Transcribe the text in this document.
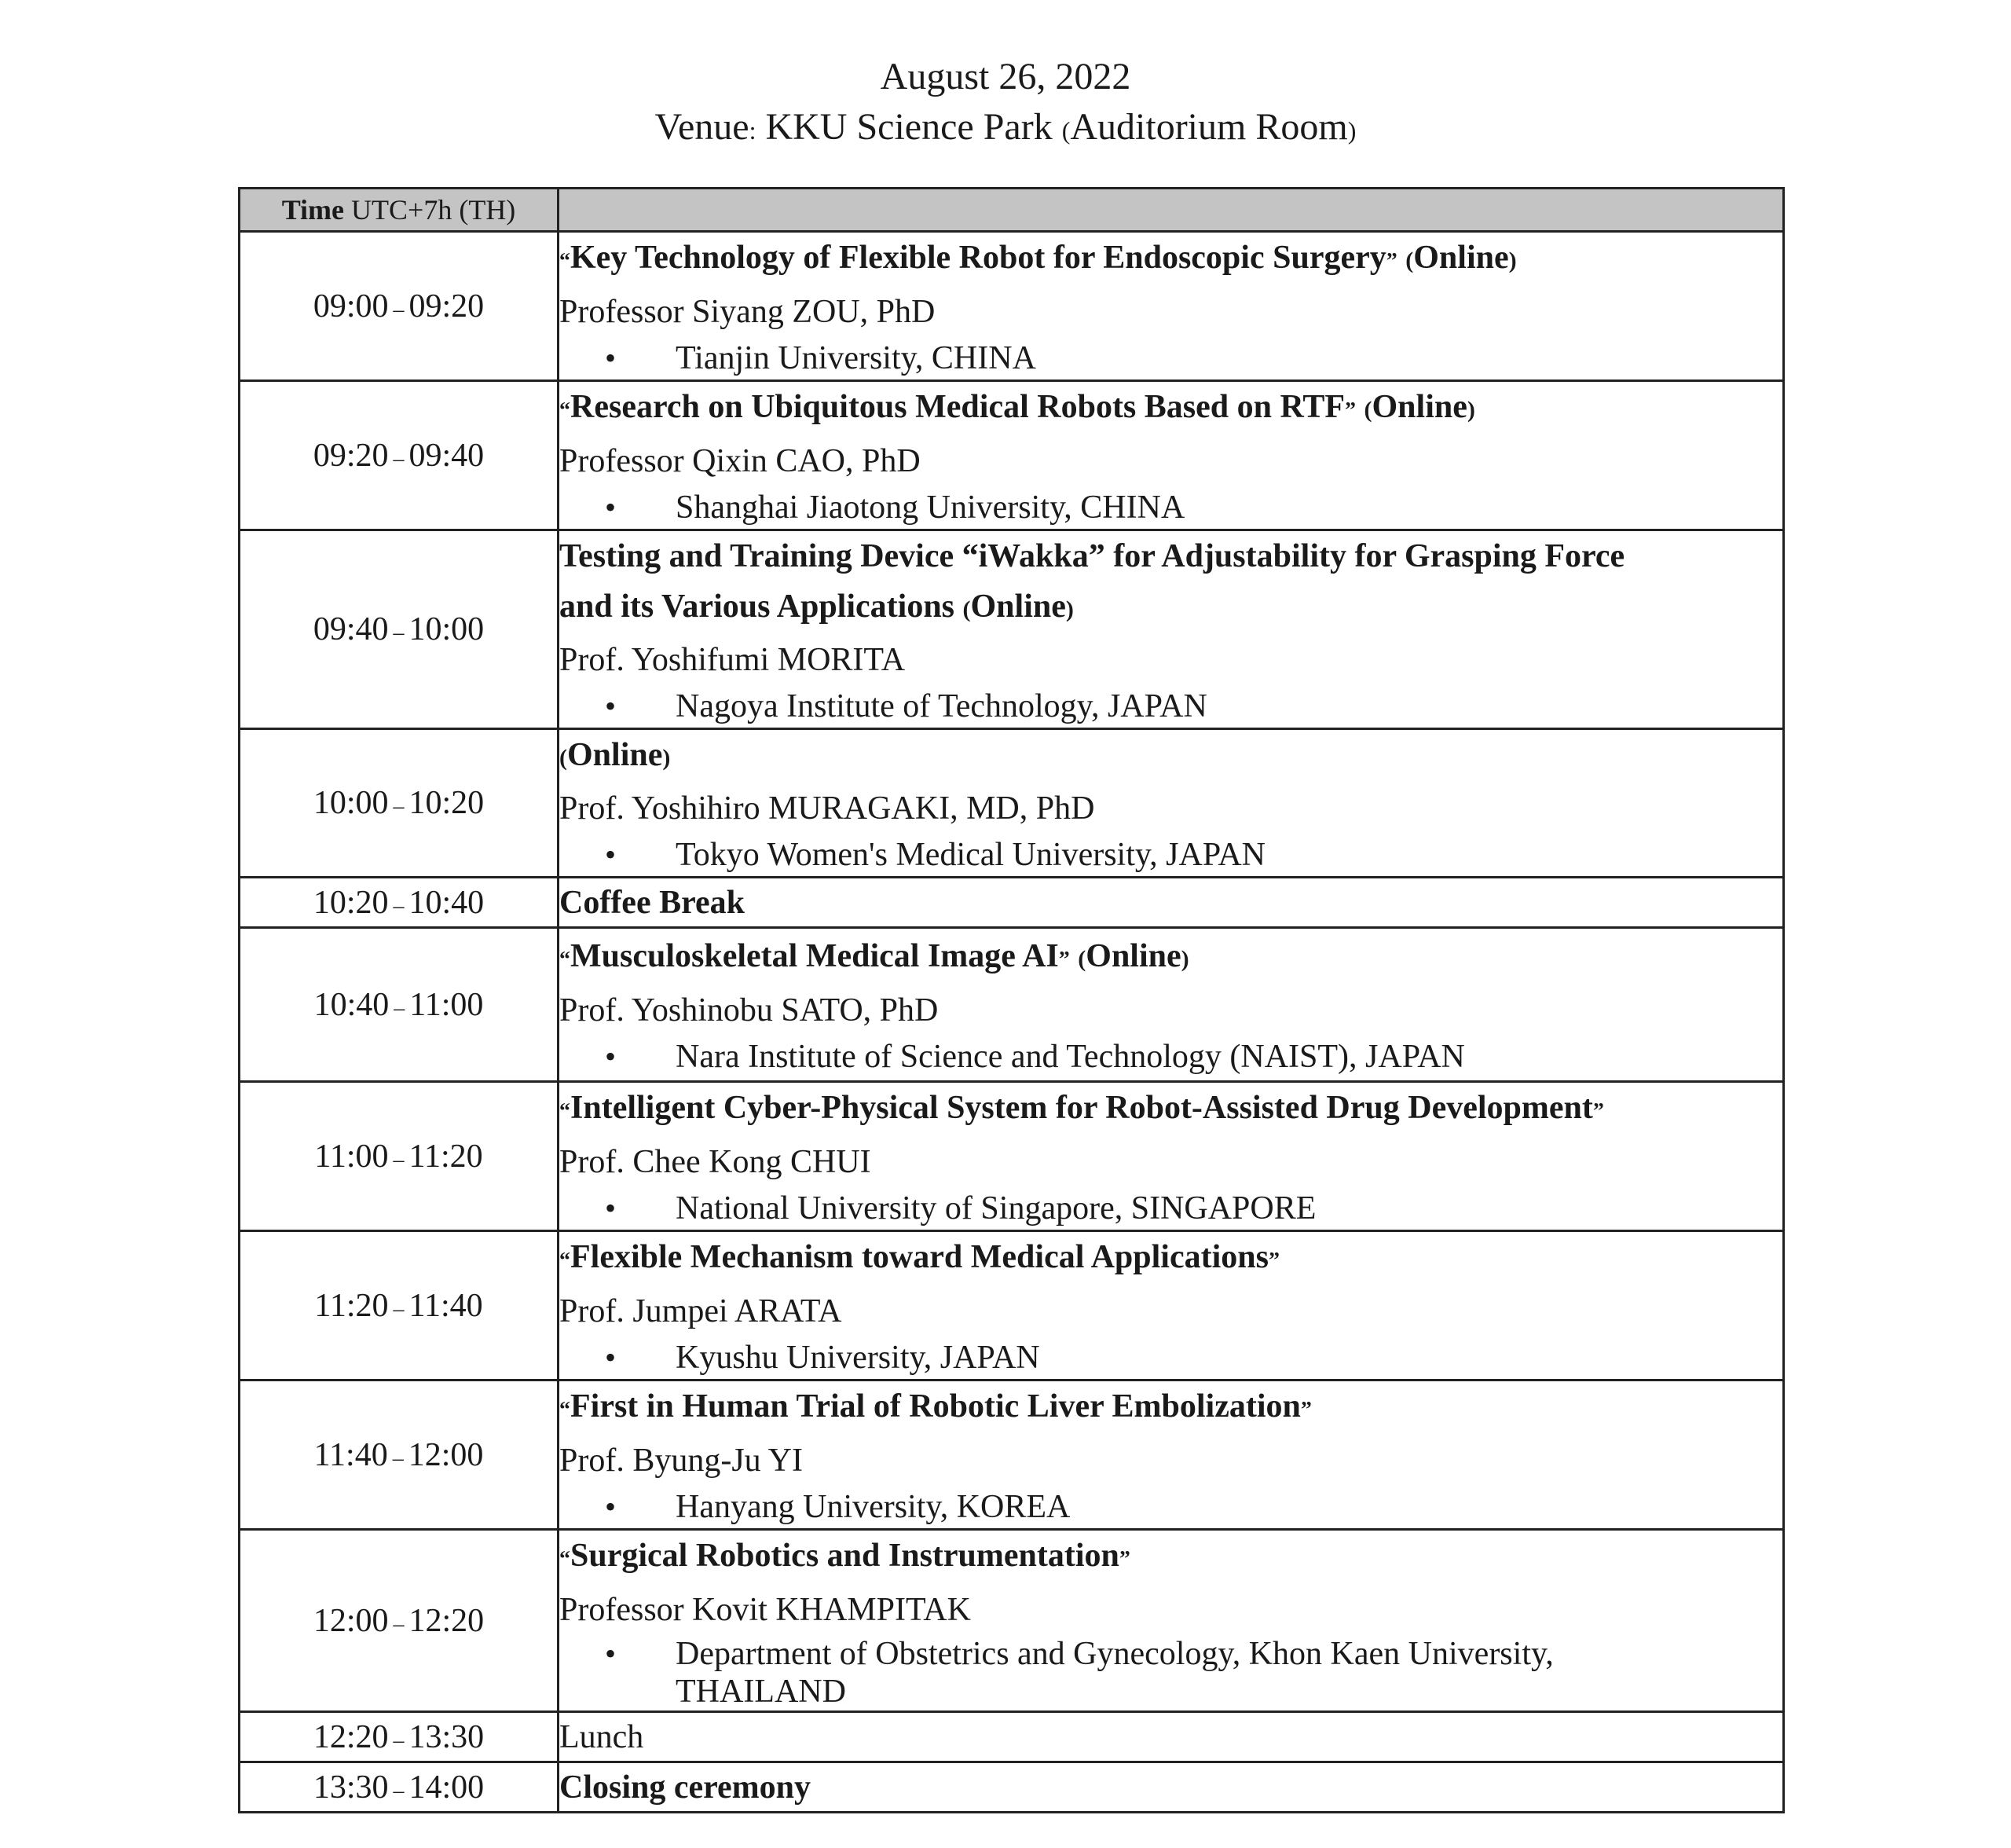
August 26, 2022
Venue: KKU Science Park (Auditorium Room)
Time UTC+7h (TH)	
09:00 – 09:20	“Key Technology of Flexible Robot for Endoscopic Surgery” (Online)
Professor Siyang ZOU, PhD
• Tianjin University, CHINA

09:20 – 09:40	“Research on Ubiquitous Medical Robots Based on RTF” (Online)
Professor Qixin CAO, PhD
• Shanghai Jiaotong University, CHINA

09:40 – 10:00	Testing and Training Device “iWakka” for Adjustability for Grasping Force
and its Various Applications (Online)
Prof. Yoshifumi MORITA
• Nagoya Institute of Technology, JAPAN

10:00 – 10:20	(Online)
Prof. Yoshihiro MURAGAKI, MD, PhD
• Tokyo Women's Medical University, JAPAN

10:20 – 10:40	Coffee Break

10:40 – 11:00	“Musculoskeletal Medical Image AI” (Online)
Prof. Yoshinobu SATO, PhD
• Nara Institute of Science and Technology (NAIST), JAPAN

11:00 – 11:20	“Intelligent Cyber-Physical System for Robot-Assisted Drug Development”
Prof. Chee Kong CHUI
• National University of Singapore, SINGAPORE

11:20 – 11:40	“Flexible Mechanism toward Medical Applications”
Prof. Jumpei ARATA
• Kyushu University, JAPAN

11:40 – 12:00	“First in Human Trial of Robotic Liver Embolization”
Prof. Byung-Ju YI
• Hanyang University, KOREA

12:00 – 12:20	“Surgical Robotics and Instrumentation”
Professor Kovit KHAMPITAK
• Department of Obstetrics and Gynecology, Khon Kaen University,
THAILAND

12:20 – 13:30	Lunch

13:30 – 14:00	Closing ceremony
